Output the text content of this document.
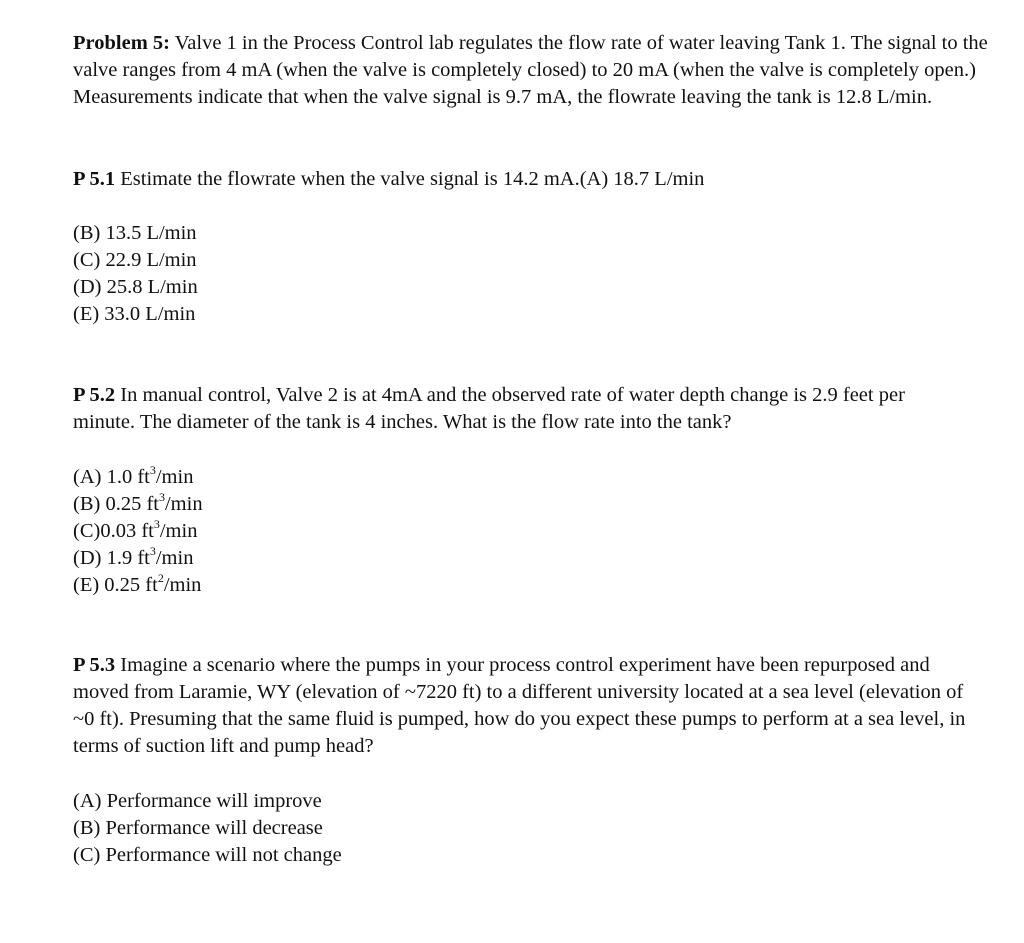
Problem 5: Valve 1 in the Process Control lab regulates the flow rate of water leaving Tank 1. The signal to the valve ranges from 4 mA (when the valve is completely closed) to 20 mA (when the valve is completely open.) Measurements indicate that when the valve signal is 9.7 mA, the flowrate leaving the tank is 12.8 L/min.

P 5.1 Estimate the flowrate when the valve signal is 14.2 mA.(A) 18.7 L/min

(B) 13.5 L/min

(C) 22.9 L/min

(D) 25.8 L/min

(E) 33.0 L/min

P 5.2 In manual control, Valve 2 is at 4mA and the observed rate of water depth change is 2.9 feet per minute. The diameter of the tank is 4 inches. What is the flow rate into the tank?

(A) 1.0 $ft^3/\min$

(B) 0.25 $ft^3/\min$

(C)0.03 $ft^3/\min$

(D) 1.9 $ft^3/\min$

(E) 0.25 $ft^2/\min$

P 5.3 Imagine a scenario where the pumps in your process control experiment have been repurposed and moved from Laramie, WY (elevation of ~7220 ft) to a different university located at a sea level (elevation of ~0 ft). Presuming that the same fluid is pumped, how do you expect these pumps to perform at a sea level, in terms of suction lift and pump head?

(A) Performance will improve

(B) Performance will decrease

(C) Performance will not change
